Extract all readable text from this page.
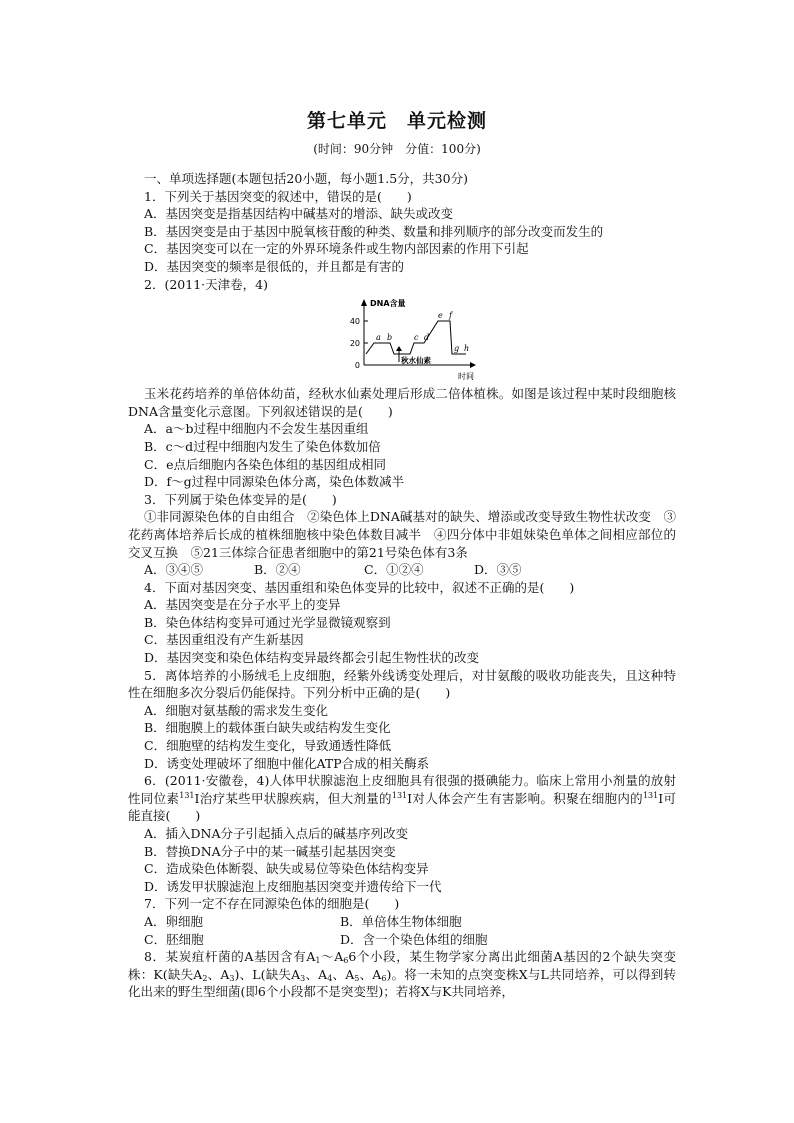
第七单元　单元检测
(时间：90分钟　分值：100分)

一、单项选择题(本题包括20小题，每小题1.5分，共30分)

1．下列关于基因突变的叙述中，错误的是(　　)

A．基因突变是指基因结构中碱基对的增添、缺失或改变

B．基因突变是由于基因中脱氧核苷酸的种类、数量和排列顺序的部分改变而发生的

C．基因突变可以在一定的外界环境条件或生物内部因素的作用下引起

D．基因突变的频率是很低的，并且都是有害的

2．(2011·天津卷，4)

40
20
0
DNA含量
时间
a b	c d
e f
g h
秋水仙素

玉米花药培养的单倍体幼苗，经秋水仙素处理后形成二倍体植株。如图是该过程中某时段细胞核DNA含量变化示意图。下列叙述错误的是(　　)

A．a～b过程中细胞内不会发生基因重组

B．c～d过程中细胞内发生了染色体数加倍

C．e点后细胞内各染色体组的基因组成相同

D．f～g过程中同源染色体分离，染色体数减半

3．下列属于染色体变异的是(　　)

①非同源染色体的自由组合　②染色体上DNA碱基对的缺失、增添或改变导致生物性状改变　③花药离体培养后长成的植株细胞核中染色体数目减半　④四分体中非姐妹染色单体之间相应部位的交叉互换　⑤21三体综合征患者细胞中的第21号染色体有3条

A．③④⑤	B．②④	C．①②④	D．③⑤

4．下面对基因突变、基因重组和染色体变异的比较中，叙述不正确的是(　　)

A．基因突变是在分子水平上的变异

B．染色体结构变异可通过光学显微镜观察到

C．基因重组没有产生新基因

D．基因突变和染色体结构变异最终都会引起生物性状的改变

5．离体培养的小肠绒毛上皮细胞，经紫外线诱变处理后，对甘氨酸的吸收功能丧失，且这种特性在细胞多次分裂后仍能保持。下列分析中正确的是(　　)

A．细胞对氨基酸的需求发生变化

B．细胞膜上的载体蛋白缺失或结构发生变化

C．细胞壁的结构发生变化，导致通透性降低

D．诱变处理破坏了细胞中催化ATP合成的相关酶系

6．(2011·安徽卷，4)人体甲状腺滤泡上皮细胞具有很强的摄碘能力。临床上常用小剂量的放射性同位素$^{131}$I治疗某些甲状腺疾病，但大剂量的$^{131}$I对人体会产生有害影响。积聚在细胞内的$^{131}$I可能直接(　　)

A．插入DNA分子引起插入点后的碱基序列改变

B．替换DNA分子中的某一碱基引起基因突变

C．造成染色体断裂、缺失或易位等染色体结构变异

D．诱发甲状腺滤泡上皮细胞基因突变并遗传给下一代

7．下列一定不存在同源染色体的细胞是(　　)

A．卵细胞	B．单倍体生物体细胞
C．胚细胞	D．含一个染色体组的细胞

8．某炭疽杆菌的A基因含有$A_1\sim A_66$个小段，某生物学家分离出此细菌A基因的2个缺失突变株：K(缺失$A_2$、$A_3$)、L(缺失$A_3$、$A_4$、$A_5$、$A_6$)。将一未知的点突变株X与L共同培养，可以得到转化出来的野生型细菌(即6个小段都不是突变型)；若将X与K共同培养，
